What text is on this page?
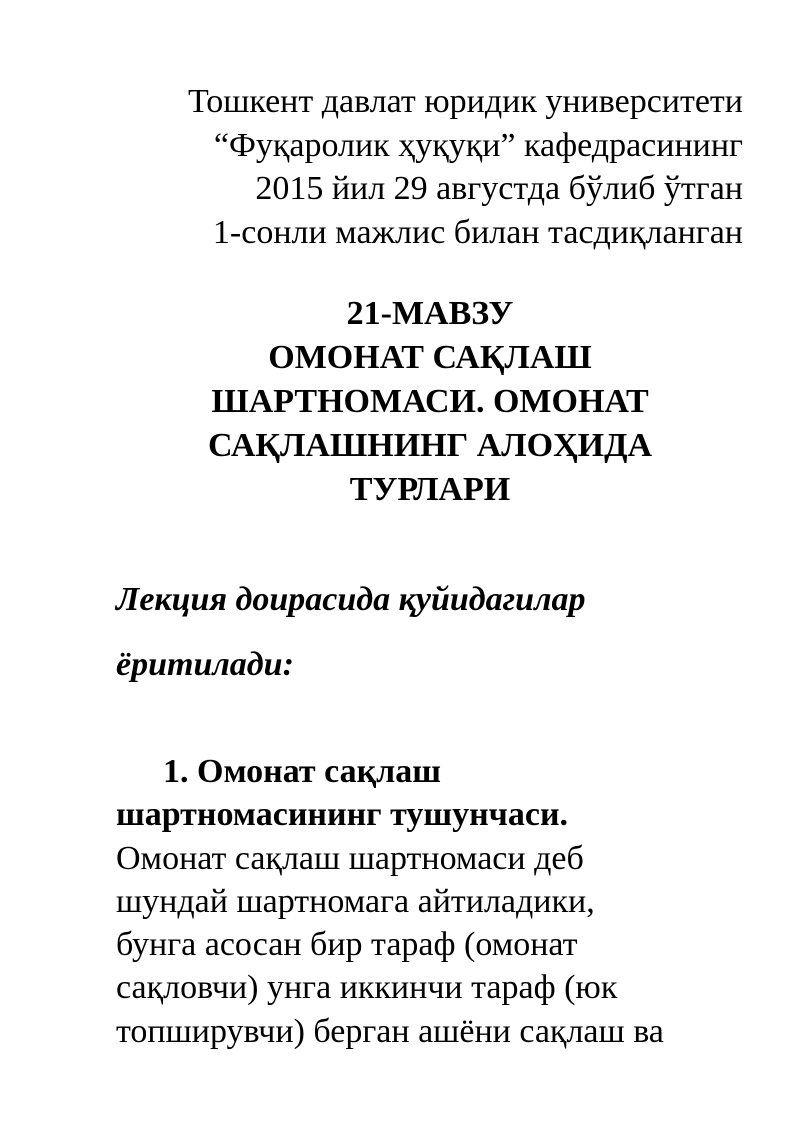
Тошкент давлат юридик университети
“Фуқаролик ҳуқуқи” кафедрасининг
2015 йил 29 августда бўлиб ўтган
1-сонли мажлис билан тасдиқланган
21-МАВЗУ
ОМОНАТ САҚЛАШ
ШАРТНОМАСИ. ОМОНАТ
САҚЛАШНИНГ АЛОҲИДА
ТУРЛАРИ
Лекция доирасида қуйидагилар
ёритилади:
1. Омонат сақлаш
шартномасининг тушунчаси.
Омонат сақлаш шартномаси деб
шундай шартномага айтиладики,
бунга асосан бир тараф (омонат
сақловчи) унга иккинчи тараф (юк
топширувчи) берган ашёни сақлаш ва
